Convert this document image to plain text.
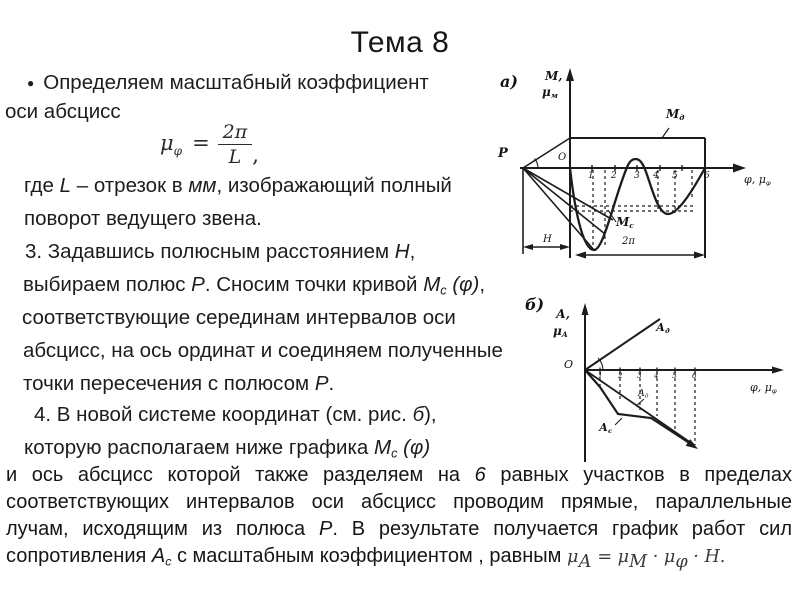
Тема 8
● Определяем масштабный коэффициент
оси абсцисс
$\mu_\varphi = \frac{2\pi}{L}$ ,
где L – отрезок в мм, изображающий полный
поворот ведущего звена.
3. Задавшись полюсным расстоянием Н,
выбираем полюс Р. Сносим точки кривой Мс (φ),
соответствующие серединам интервалов оси
абсцисс, на ось ординат и соединяем полученные
точки пересечения с полюсом Р.
4. В новой системе координат (см. рис. б),
которую располагаем ниже графика Мс (φ)
и ось абсцисс которой также разделяем на 6 равных участков в пределах
соответствующих интервалов оси абсцисс проводим прямые, параллельные
лучам, исходящим из полюса Р. В результате получается график работ сил
сопротивления Ас с масштабным коэффициентом , равным μА = μМ · μφ · Н.
а) М,
μм
Мд
Мс
Р	О
Н	2π
φ, μφ
1 2 3 4 5	6
б) А,
μА
О
Ад
Ад
Ас
φ, μφ
1 2 3 4 5 6
